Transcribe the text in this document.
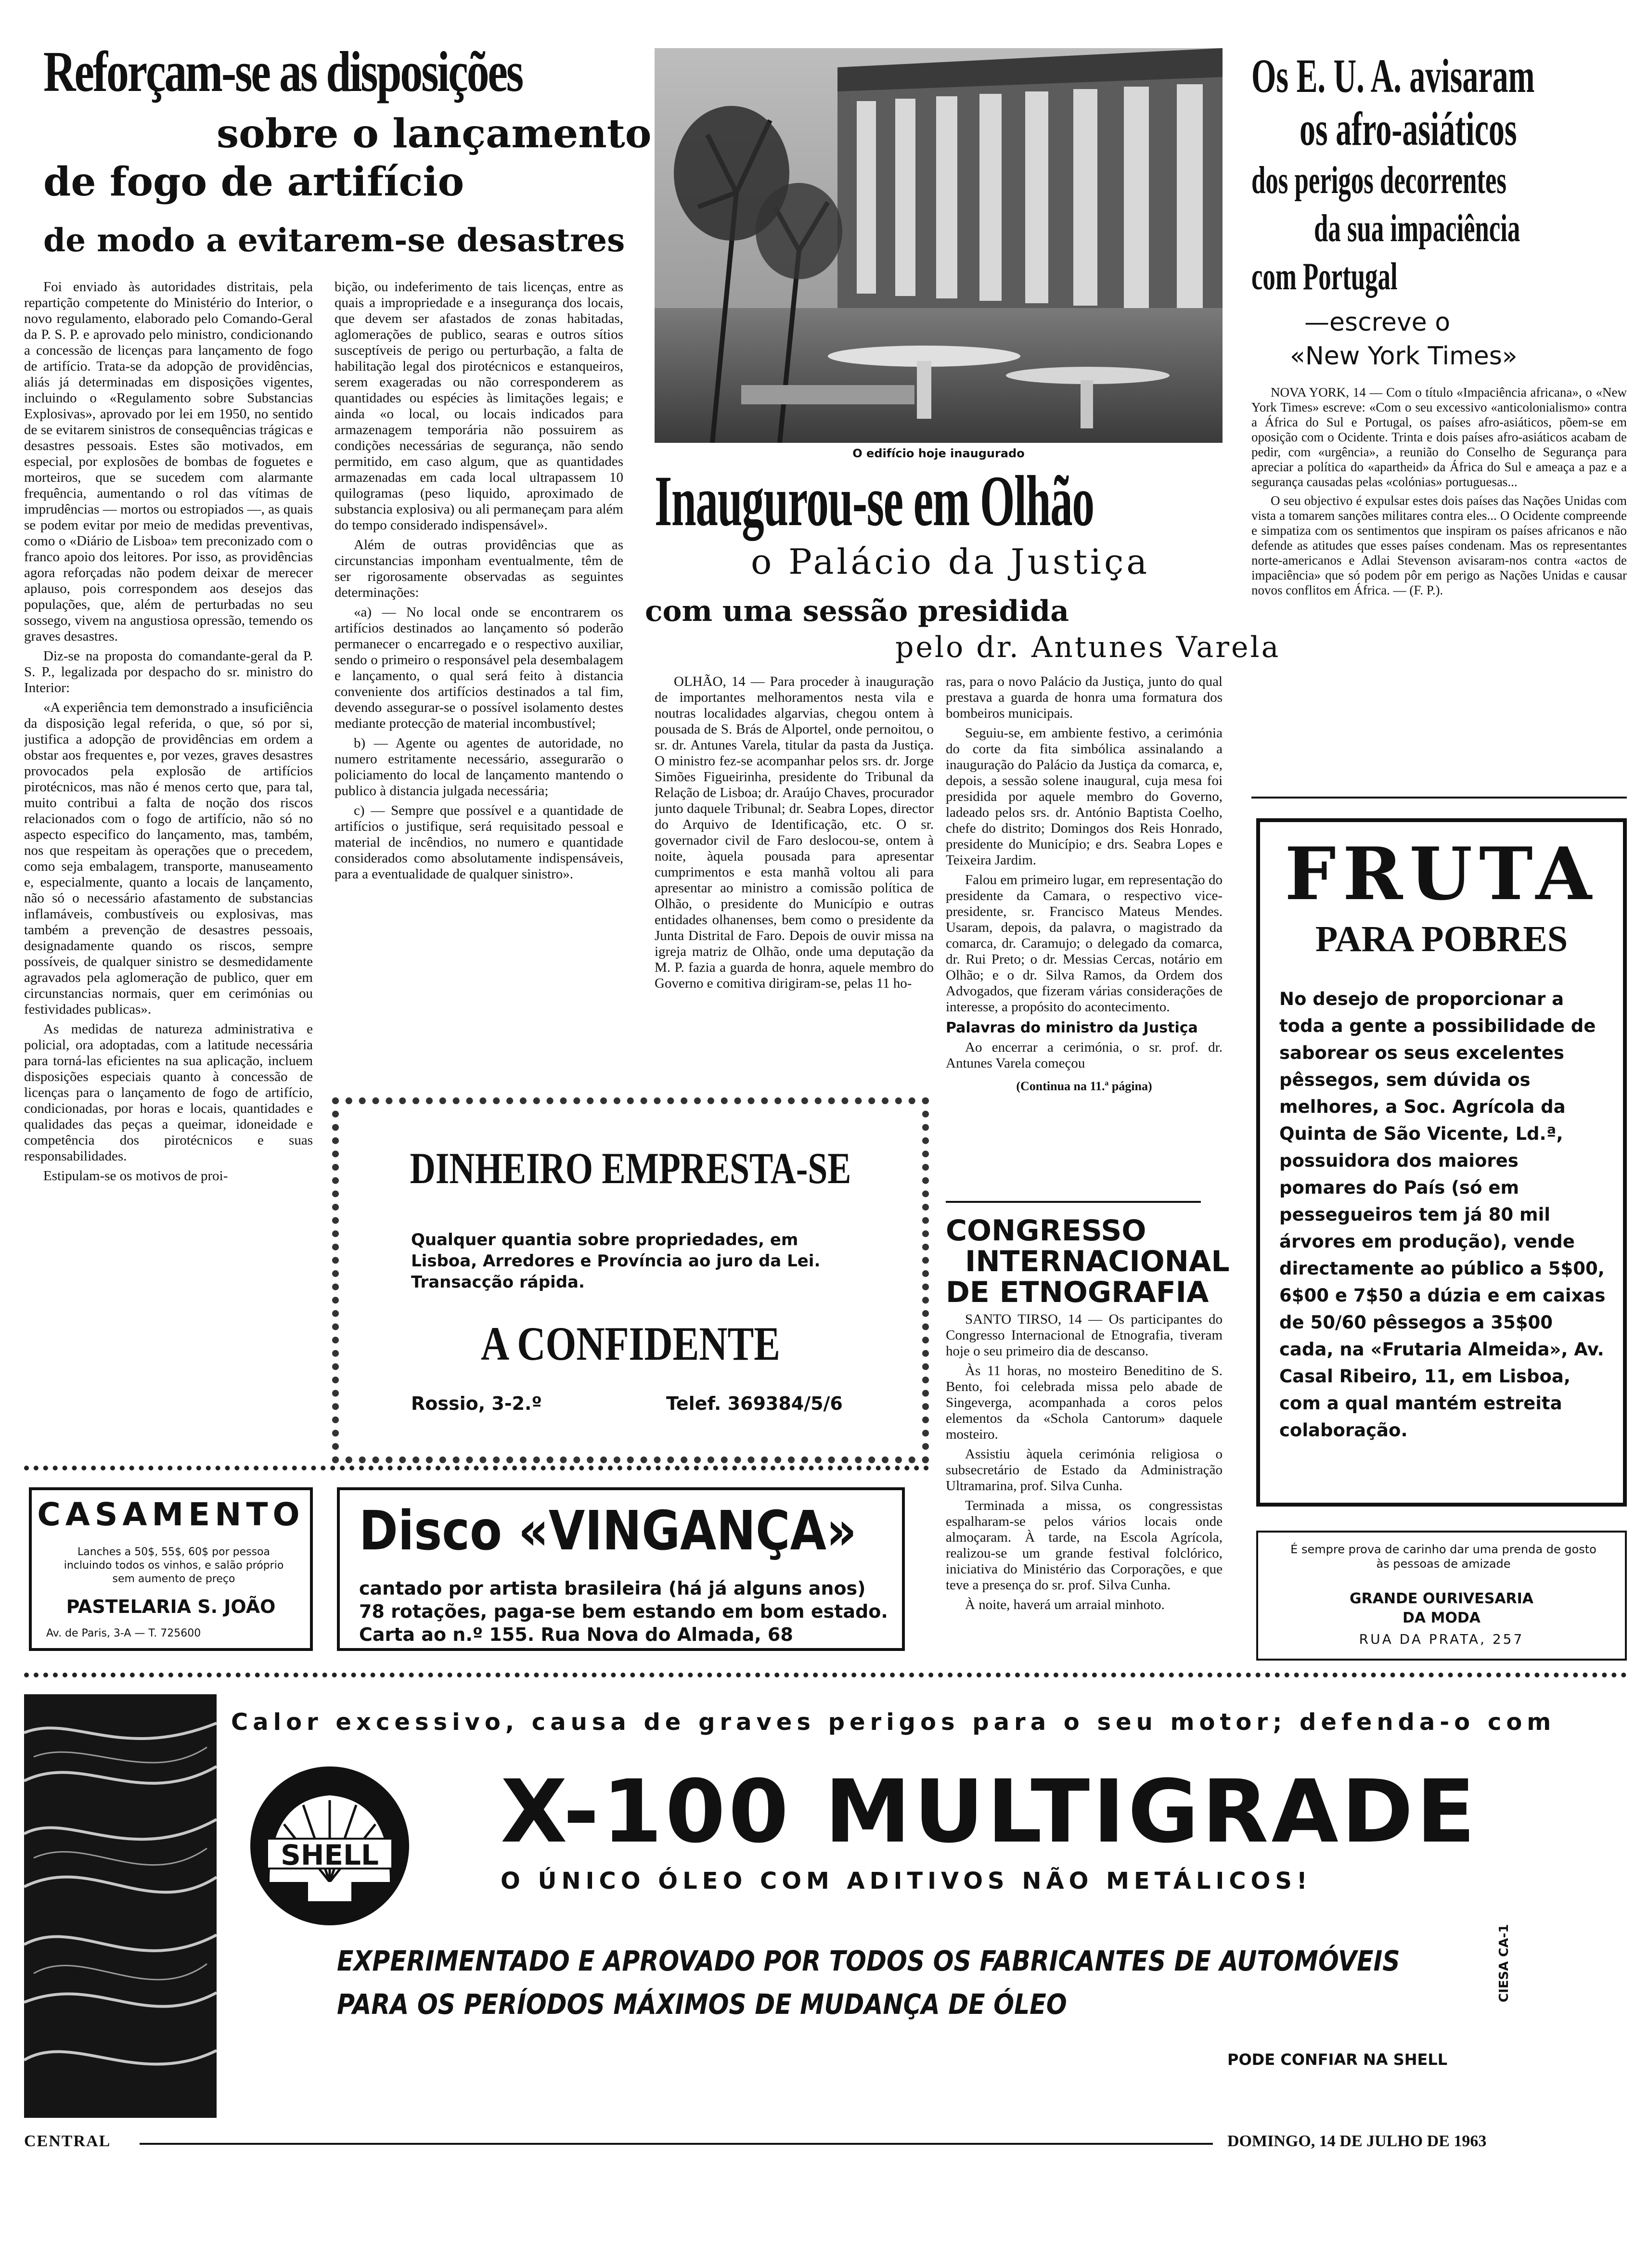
Reforçam-se as disposições
sobre o lançamento
de fogo de artifício
de modo a evitarem-se desastres

Foi enviado às autoridades distritais, pela repartição competente do Ministério do Interior, o novo regulamento, elaborado pelo Comando-Geral da P. S. P. e aprovado pelo ministro, condicionando a concessão de licenças para lançamento de fogo de artifício. Trata-se da adopção de providências, aliás já determinadas em disposições vigentes, incluindo o «Regulamento sobre Substancias Explosivas», aprovado por lei em 1950, no sentido de se evitarem sinistros de consequências trágicas e desastres pessoais. Estes são motivados, em especial, por explosões de bombas de foguetes e morteiros, que se sucedem com alarmante frequência, aumentando o rol das vítimas de imprudências — mortos ou estropiados —, as quais se podem evitar por meio de medidas preventivas, como o «Diário de Lisboa» tem preconizado com o franco apoio dos leitores. Por isso, as providências agora reforçadas não podem deixar de merecer aplauso, pois correspondem aos desejos das populações, que, além de perturbadas no seu sossego, vivem na angustiosa opressão, temendo os graves desastres.

Diz-se na proposta do comandante-geral da P. S. P., legalizada por despacho do sr. ministro do Interior:

«A experiência tem demonstrado a insuficiência da disposição legal referida, o que, só por si, justifica a adopção de providências em ordem a obstar aos frequentes e, por vezes, graves desastres provocados pela explosão de artifícios pirotécnicos, mas não é menos certo que, para tal, muito contribui a falta de noção dos riscos relacionados com o fogo de artifício, não só no aspecto especifico do lançamento, mas, também, nos que respeitam às operações que o precedem, como seja embalagem, transporte, manuseamento e, especialmente, quanto a locais de lançamento, não só o necessário afastamento de substancias inflamáveis, combustíveis ou explosivas, mas também a prevenção de desastres pessoais, designadamente quando os riscos, sempre possíveis, de qualquer sinistro se desmedidamente agravados pela aglomeração de publico, quer em circunstancias normais, quer em cerimónias ou festividades publicas».

As medidas de natureza administrativa e policial, ora adoptadas, com a latitude necessária para torná-las eficientes na sua aplicação, incluem disposições especiais quanto à concessão de licenças para o lançamento de fogo de artifício, condicionadas, por horas e locais, quantidades e qualidades das peças a queimar, idoneidade e competência dos pirotécnicos e suas responsabilidades.

Estipulam-se os motivos de proi-

bição, ou indeferimento de tais licenças, entre as quais a impropriedade e a insegurança dos locais, que devem ser afastados de zonas habitadas, aglomerações de publico, searas e outros sítios susceptíveis de perigo ou perturbação, a falta de habilitação legal dos pirotécnicos e estanqueiros, serem exageradas ou não corresponderem as quantidades ou espécies às limitações legais; e ainda «o local, ou locais indicados para armazenagem temporária não possuirem as condições necessárias de segurança, não sendo permitido, em caso algum, que as quantidades armazenadas em cada local ultrapassem 10 quilogramas (peso liquido, aproximado de substancia explosiva) ou ali permaneçam para além do tempo considerado indispensável».

Além de outras providências que as circunstancias imponham eventualmente, têm de ser rigorosamente observadas as seguintes determinações:

«a) — No local onde se encontrarem os artifícios destinados ao lançamento só poderão permanecer o encarregado e o respectivo auxiliar, sendo o primeiro o responsável pela desembalagem e lançamento, o qual será feito à distancia conveniente dos artifícios destinados a tal fim, devendo assegurar-se o possível isolamento destes mediante protecção de material incombustível;

b) — Agente ou agentes de autoridade, no numero estritamente necessário, assegurarão o policiamento do local de lançamento mantendo o publico à distancia julgada necessária;

c) — Sempre que possível e a quantidade de artifícios o justifique, será requisitado pessoal e material de incêndios, no numero e quantidade considerados como absolutamente indispensáveis, para a eventualidade de qualquer sinistro».

O edifício hoje inaugurado
Inaugurou-se em Olhão
o Palácio da Justiça
com uma sessão presidida
pelo dr. Antunes Varela
OLHÃO, 14 — Para proceder à inauguração de importantes melhoramentos nesta vila e noutras localidades algarvias, chegou ontem à pousada de S. Brás de Alportel, onde pernoitou, o sr. dr. Antunes Varela, titular da pasta da Justiça. O ministro fez-se acompanhar pelos srs. dr. Jorge Simões Figueirinha, presidente do Tribunal da Relação de Lisboa; dr. Araújo Chaves, procurador junto daquele Tribunal; dr. Seabra Lopes, director do Arquivo de Identificação, etc. O sr. governador civil de Faro deslocou-se, ontem à noite, àquela pousada para apresentar cumprimentos e esta manhã voltou ali para apresentar ao ministro a comissão política de Olhão, o presidente do Município e outras entidades olhanenses, bem como o presidente da Junta Distrital de Faro. Depois de ouvir missa na igreja matriz de Olhão, onde uma deputação da M. P. fazia a guarda de honra, aquele membro do Governo e comitiva dirigiram-se, pelas 11 ho-

ras, para o novo Palácio da Justiça, junto do qual prestava a guarda de honra uma formatura dos bombeiros municipais.

Seguiu-se, em ambiente festivo, a cerimónia do corte da fita simbólica assinalando a inauguração do Palácio da Justiça da comarca, e, depois, a sessão solene inaugural, cuja mesa foi presidida por aquele membro do Governo, ladeado pelos srs. dr. António Baptista Coelho, chefe do distrito; Domingos dos Reis Honrado, presidente do Município; e drs. Seabra Lopes e Teixeira Jardim.

Falou em primeiro lugar, em representação do presidente da Camara, o respectivo vice-presidente, sr. Francisco Mateus Mendes. Usaram, depois, da palavra, o magistrado da comarca, dr. Caramujo; o delegado da comarca, dr. Rui Preto; o dr. Messias Cercas, notário em Olhão; e o dr. Silva Ramos, da Ordem dos Advogados, que fizeram várias considerações de interesse, a propósito do acontecimento.

Palavras do ministro da Justiça

Ao encerrar a cerimónia, o sr. prof. dr. Antunes Varela começou

(Continua na 11.ª página)
CONGRESSO
INTERNACIONAL
DE ETNOGRAFIA

SANTO TIRSO, 14 — Os participantes do Congresso Internacional de Etnografia, tiveram hoje o seu primeiro dia de descanso.

Às 11 horas, no mosteiro Beneditino de S. Bento, foi celebrada missa pelo abade de Singeverga, acompanhada a coros pelos elementos da «Schola Cantorum» daquele mosteiro.

Assistiu àquela cerimónia religiosa o subsecretário de Estado da Administração Ultramarina, prof. Silva Cunha.

Terminada a missa, os congressistas espalharam-se pelos vários locais onde almoçaram. À tarde, na Escola Agrícola, realizou-se um grande festival folclórico, iniciativa do Ministério das Corporações, e que teve a presença do sr. prof. Silva Cunha.

À noite, haverá um arraial minhoto.

Os E. U. A. avisaram
os afro-asiáticos
dos perigos decorrentes
da sua impaciência
com Portugal
—escreve o
«New York Times»

NOVA YORK, 14 — Com o título «Impaciência africana», o «New York Times» escreve: «Com o seu excessivo «anticolonialismo» contra a África do Sul e Portugal, os países afro-asiáticos, põem-se em oposição com o Ocidente. Trinta e dois países afro-asiáticos acabam de pedir, com «urgência», a reunião do Conselho de Segurança para apreciar a política do «apartheid» da África do Sul e ameaça a paz e a segurança causadas pelas «colónias» portuguesas...

O seu objectivo é expulsar estes dois países das Nações Unidas com vista a tomarem sanções militares contra eles... O Ocidente compreende e simpatiza com os sentimentos que inspiram os países africanos e não defende as atitudes que esses países condenam. Mas os representantes norte-americanos e Adlai Stevenson avisaram-nos contra «actos de impaciência» que só podem pôr em perigo as Nações Unidas e causar novos conflitos em África. — (F. P.).

FRUTA
PARA POBRES
No desejo de proporcionar a toda a gente a possibilidade de saborear os seus excelentes pêssegos, sem dúvida os melhores, a Soc. Agrícola da Quinta de São Vicente, Ld.ª, possuidora dos maiores pomares do País (só em pessegueiros tem já 80 mil árvores em produção), vende directamente ao público a 5$00, 6$00 e 7$50 a dúzia e em caixas de 50/60 pêssegos a 35$00 cada, na «Frutaria Almeida», Av. Casal Ribeiro, 11, em Lisboa, com a qual mantém estreita colaboração.
É sempre prova de carinho dar uma prenda de gosto às pessoas de amizade
GRANDE OURIVESARIA
DA MODA
RUA DA PRATA, 257
DINHEIRO EMPRESTA-SE
Qualquer quantia sobre propriedades, em Lisboa, Arredores e Província ao juro da Lei. Transacção rápida.
A CONFIDENTE
Rossio, 3-2.º	Telef. 369384/5/6
CASAMENTO
Lanches a 50$, 55$, 60$ por pessoa incluindo todos os vinhos, e salão próprio sem aumento de preço
PASTELARIA S. JOÃO
Av. de Paris, 3-A — T. 725600
Disco «VINGANÇA»
cantado por artista brasileira (há já alguns anos) 78 rotações, paga-se bem estando em bom estado. Carta ao n.º 155. Rua Nova do Almada, 68
SHELL
Calor excessivo, causa de graves perigos para o seu motor; defenda-o com
X-100 MULTIGRADE
O ÚNICO ÓLEO COM ADITIVOS NÃO METÁLICOS!
EXPERIMENTADO E APROVADO POR TODOS OS FABRICANTES DE AUTOMÓVEIS
PARA OS PERÍODOS MÁXIMOS DE MUDANÇA DE ÓLEO
PODE CONFIAR NA SHELL
CIESA CA-1
CENTRAL	DOMINGO, 14 DE JULHO DE 1963
